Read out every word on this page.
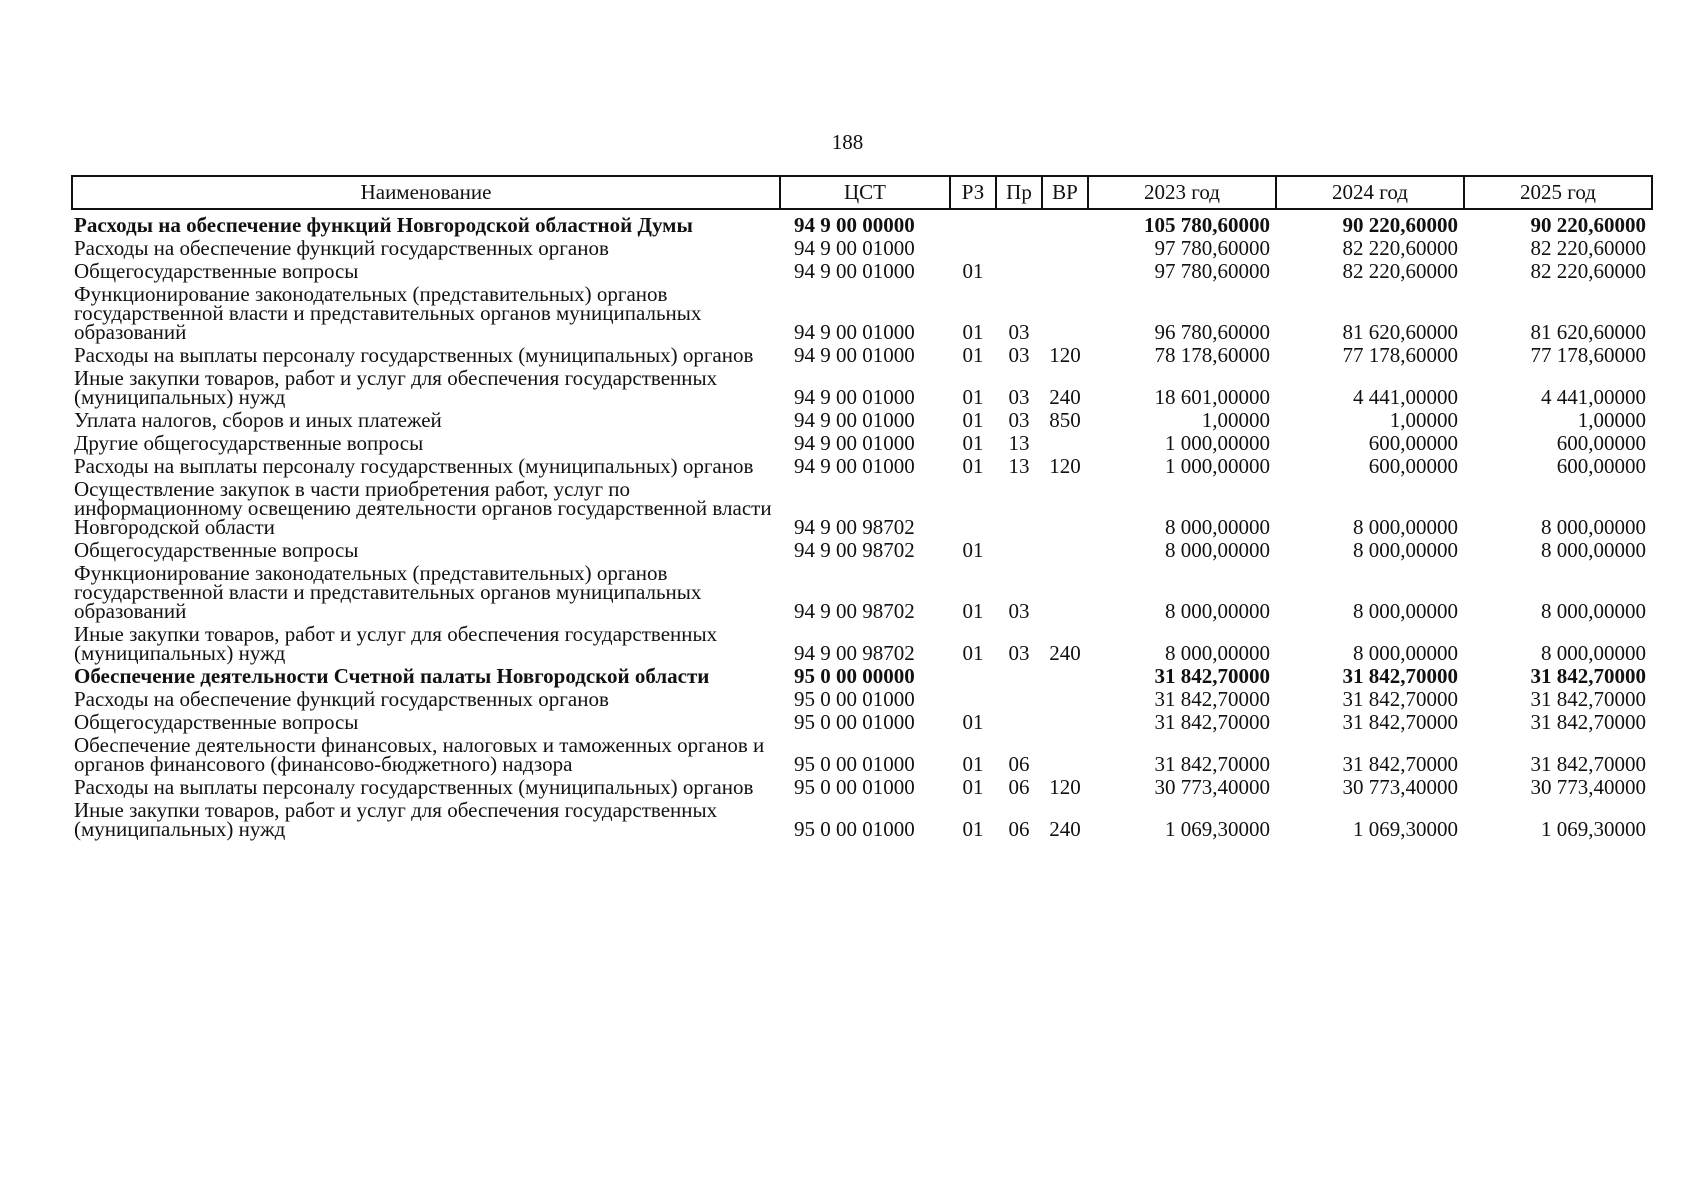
188
Наименование	ЦСТ	РЗ	Пр	ВР	2023 год	2024 год	2025 год
Расходы на обеспечение функций Новгородской областной Думы	94 9 00 00000				105 780,60000	90 220,60000	90 220,60000
Расходы на обеспечение функций государственных органов	94 9 00 01000				97 780,60000	82 220,60000	82 220,60000
Общегосударственные вопросы	94 9 00 01000	01			97 780,60000	82 220,60000	82 220,60000
Функционирование законодательных (представительных) органов государственной власти и представительных органов муниципальных образований	94 9 00 01000	01	03		96 780,60000	81 620,60000	81 620,60000
Расходы на выплаты персоналу государственных (муниципальных) органов	94 9 00 01000	01	03	120	78 178,60000	77 178,60000	77 178,60000
Иные закупки товаров, работ и услуг для обеспечения государственных (муниципальных) нужд	94 9 00 01000	01	03	240	18 601,00000	4 441,00000	4 441,00000
Уплата налогов, сборов и иных платежей	94 9 00 01000	01	03	850	1,00000	1,00000	1,00000
Другие общегосударственные вопросы	94 9 00 01000	01	13		1 000,00000	600,00000	600,00000
Расходы на выплаты персоналу государственных (муниципальных) органов	94 9 00 01000	01	13	120	1 000,00000	600,00000	600,00000
Осуществление закупок в части приобретения работ, услуг по информационному освещению деятельности органов государственной власти Новгородской области	94 9 00 98702				8 000,00000	8 000,00000	8 000,00000
Общегосударственные вопросы	94 9 00 98702	01			8 000,00000	8 000,00000	8 000,00000
Функционирование законодательных (представительных) органов государственной власти и представительных органов муниципальных образований	94 9 00 98702	01	03		8 000,00000	8 000,00000	8 000,00000
Иные закупки товаров, работ и услуг для обеспечения государственных (муниципальных) нужд	94 9 00 98702	01	03	240	8 000,00000	8 000,00000	8 000,00000
Обеспечение деятельности Счетной палаты Новгородской области	95 0 00 00000				31 842,70000	31 842,70000	31 842,70000
Расходы на обеспечение функций государственных органов	95 0 00 01000				31 842,70000	31 842,70000	31 842,70000
Общегосударственные вопросы	95 0 00 01000	01			31 842,70000	31 842,70000	31 842,70000
Обеспечение деятельности финансовых, налоговых и таможенных органов и органов финансового (финансово-бюджетного) надзора	95 0 00 01000	01	06		31 842,70000	31 842,70000	31 842,70000
Расходы на выплаты персоналу государственных (муниципальных) органов	95 0 00 01000	01	06	120	30 773,40000	30 773,40000	30 773,40000
Иные закупки товаров, работ и услуг для обеспечения государственных (муниципальных) нужд	95 0 00 01000	01	06	240	1 069,30000	1 069,30000	1 069,30000
